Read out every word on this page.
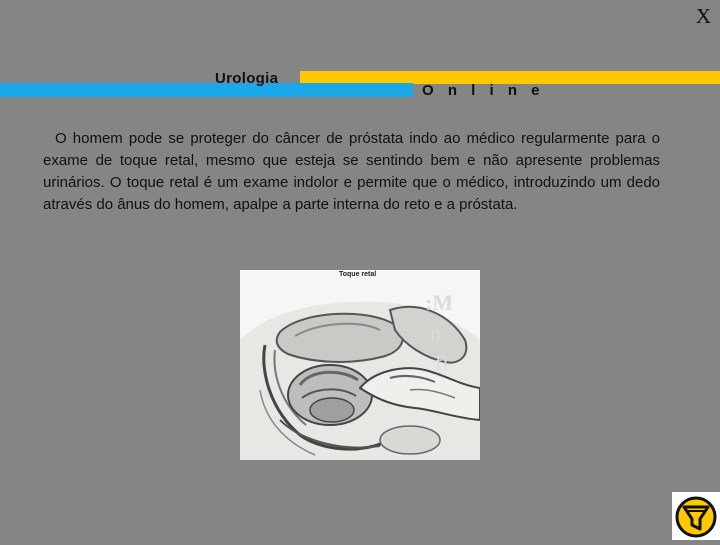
X
Urologia
O n l i n e

O homem pode se proteger do câncer de próstata indo ao médico regularmente para o exame de toque retal, mesmo que esteja se sentindo bem e não apresente problemas urinários. O toque retal é um exame indolor e permite que o médico, introduzindo um dedo através do ânus do homem, apalpe a parte interna do reto e a próstata.

:M
n
fi
Toque retal
